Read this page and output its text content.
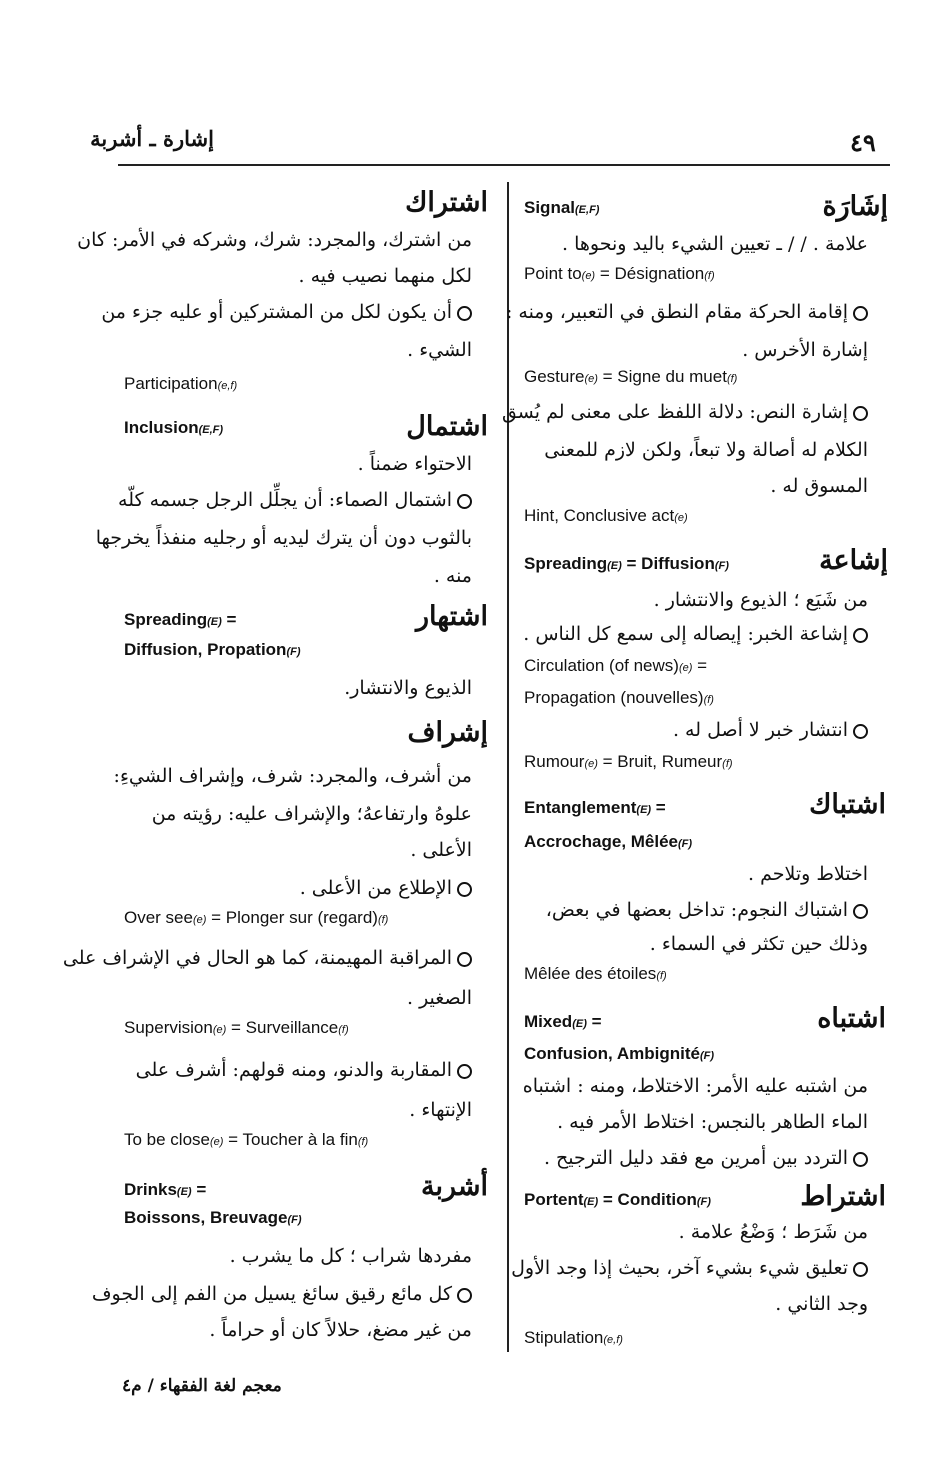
٤٩
إشارة ـ أشربة
إشَارَة
Signal(E,F)
علامة . / / ـ تعيين الشيء باليد ونحوها .
Point to(e) = Désignation(f)
إقامة الحركة مقام النطق في التعبير، ومنه :
إشارة الأخرس .
Gesture(e) = Signe du muet(f)
إشارة النص: دلالة اللفظ على معنى لم يُسق
الكلام له أصالة ولا تبعاً، ولكن لازم للمعنى
المسوق له .
Hint, Conclusive act(e)
إشاعة
Spreading(E) = Diffusion(F)
من شَيَع ؛ الذيوع والانتشار .
إشاعة الخبر: إيصاله إلى سمع كل الناس .
Circulation (of news)(e) =
Propagation (nouvelles)(f)
انتشار خبر لا أصل له .
Rumour(e) = Bruit, Rumeur(f)
اشتباك
Entanglement(E) =
Accrochage, Mêlée(F)
اختلاط وتلاحم .
اشتباك النجوم: تداخل بعضها في بعض،
وذلك حين تكثر في السماء .
Mêlée des étoiles(f)
اشتباه
Mixed(E) =
Confusion, Ambignité(F)
من اشتبه عليه الأمر: الاختلاط، ومنه : اشتباه
الماء الطاهر بالنجس: اختلاط الأمر فيه .
التردد بين أمرين مع فقد دليل الترجيح .
اشتراط
Portent(E) = Condition(F)
من شَرَط ؛ وَضْعُ علامة .
تعليق شيء بشيء آخر، بحيث إذا وجد الأول
وجد الثاني .
Stipulation(e,f)
اشتراك
من اشترك، والمجرد: شرك، وشركه في الأمر: كان
لكل منهما نصيب فيه .
أن يكون لكل من المشتركين أو عليه جزء من
الشيء .
Participation(e,f)
اشتمال
Inclusion(E,F)
الاحتواء ضمناً .
اشتمال الصماء: أن يجلِّل الرجل جسمه كلّه
بالثوب دون أن يترك ليديه أو رجليه منفذاً يخرجها
منه .
اشتهار
Spreading(E) =
Diffusion, Propation(F)
الذيوع والانتشار.
إشراف
من أشرف، والمجرد: شرف، وإشراف الشيءِ:
علوهُ وارتفاعهُ؛ والإشراف عليه: رؤيته من
الأعلى .
الإطلاع من الأعلى .
Over see(e) = Plonger sur (regard)(f)
المراقبة المهيمنة، كما هو الحال في الإشراف على
الصغير .
Supervision(e) = Surveillance(f)
المقاربة والدنو، ومنه قولهم: أشرف على
الإنتهاء .
To be close(e) = Toucher à la fin(f)
أشربة
Drinks(E) =
Boissons, Breuvage(F)
مفردها شراب ؛ كل ما يشرب .
كل مائع رقيق سائغ يسيل من الفم إلى الجوف
من غير مضغ، حلالاً كان أو حراماً .
معجم لغة الفقهاء / م٤
